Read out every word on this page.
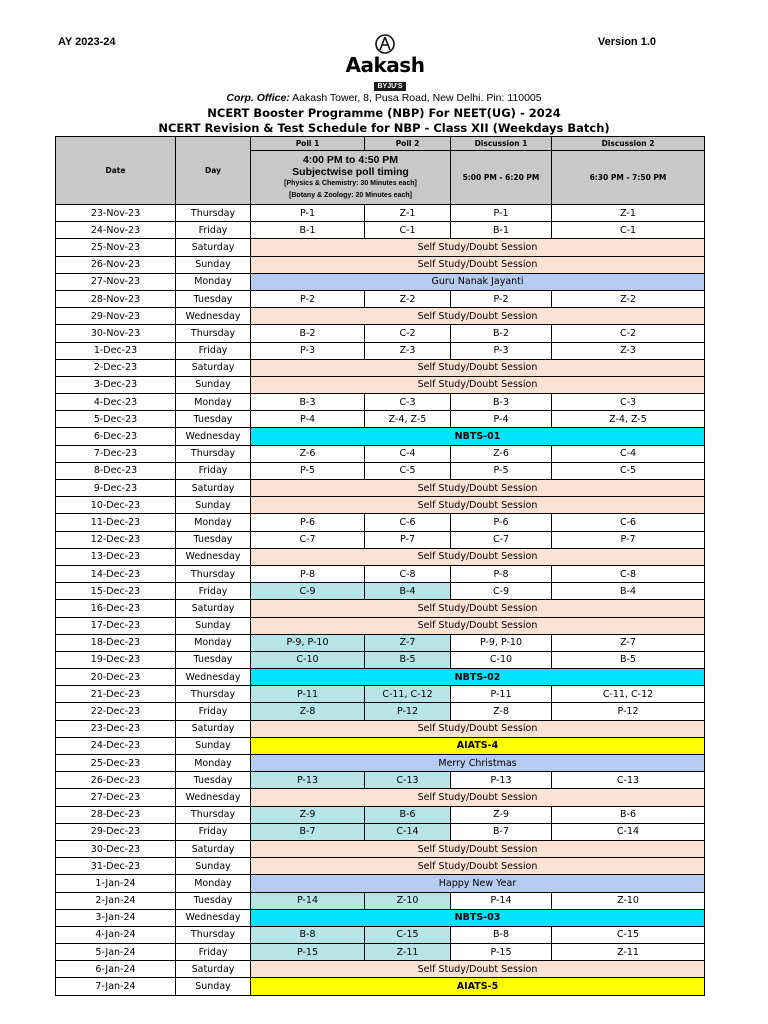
AY 2023-24	Version 1.0
Aakash
BYJU'S
Corp. Office: Aakash Tower, 8, Pusa Road, New Delhi. Pin: 110005
NCERT Booster Programme (NBP) For NEET(UG) - 2024
NCERT Revision & Test Schedule for NBP - Class XII (Weekdays Batch)
Date	Day	Poll 1	Poll 2	Discussion 1	Discussion 2

		4:00 PM to 4:50 PM
Subjectwise poll timing
[Physics & Chemistry: 30 Minutes each]
[Botany & Zoology: 20 Minutes each]		5:00 PM - 6:20 PM	6:30 PM - 7:50 PM
23-Nov-23	Thursday	P-1	Z-1	P-1	Z-1
24-Nov-23	Friday	B-1	C-1	B-1	C-1
25-Nov-23	Saturday	Self Study/Doubt Session			
26-Nov-23	Sunday	Self Study/Doubt Session			
27-Nov-23	Monday	Guru Nanak Jayanti			
28-Nov-23	Tuesday	P-2	Z-2	P-2	Z-2
29-Nov-23	Wednesday	Self Study/Doubt Session			
30-Nov-23	Thursday	B-2	C-2	B-2	C-2
1-Dec-23	Friday	P-3	Z-3	P-3	Z-3
2-Dec-23	Saturday	Self Study/Doubt Session			
3-Dec-23	Sunday	Self Study/Doubt Session			
4-Dec-23	Monday	B-3	C-3	B-3	C-3
5-Dec-23	Tuesday	P-4	Z-4, Z-5	P-4	Z-4, Z-5
6-Dec-23	Wednesday	NBTS-01			
7-Dec-23	Thursday	Z-6	C-4	Z-6	C-4
8-Dec-23	Friday	P-5	C-5	P-5	C-5
9-Dec-23	Saturday	Self Study/Doubt Session			
10-Dec-23	Sunday	Self Study/Doubt Session			
11-Dec-23	Monday	P-6	C-6	P-6	C-6
12-Dec-23	Tuesday	C-7	P-7	C-7	P-7
13-Dec-23	Wednesday	Self Study/Doubt Session			
14-Dec-23	Thursday	P-8	C-8	P-8	C-8
15-Dec-23	Friday	C-9	B-4	C-9	B-4
16-Dec-23	Saturday	Self Study/Doubt Session			
17-Dec-23	Sunday	Self Study/Doubt Session			
18-Dec-23	Monday	P-9, P-10	Z-7	P-9, P-10	Z-7
19-Dec-23	Tuesday	C-10	B-5	C-10	B-5
20-Dec-23	Wednesday	NBTS-02			
21-Dec-23	Thursday	P-11	C-11, C-12	P-11	C-11, C-12
22-Dec-23	Friday	Z-8	P-12	Z-8	P-12
23-Dec-23	Saturday	Self Study/Doubt Session			
24-Dec-23	Sunday	AIATS-4			
25-Dec-23	Monday	Merry Christmas			
26-Dec-23	Tuesday	P-13	C-13	P-13	C-13
27-Dec-23	Wednesday	Self Study/Doubt Session			
28-Dec-23	Thursday	Z-9	B-6	Z-9	B-6
29-Dec-23	Friday	B-7	C-14	B-7	C-14
30-Dec-23	Saturday	Self Study/Doubt Session			
31-Dec-23	Sunday	Self Study/Doubt Session			
1-Jan-24	Monday	Happy New Year			
2-Jan-24	Tuesday	P-14	Z-10	P-14	Z-10
3-Jan-24	Wednesday	NBTS-03			
4-Jan-24	Thursday	B-8	C-15	B-8	C-15
5-Jan-24	Friday	P-15	Z-11	P-15	Z-11
6-Jan-24	Saturday	Self Study/Doubt Session			
7-Jan-24	Sunday	AIATS-5			
